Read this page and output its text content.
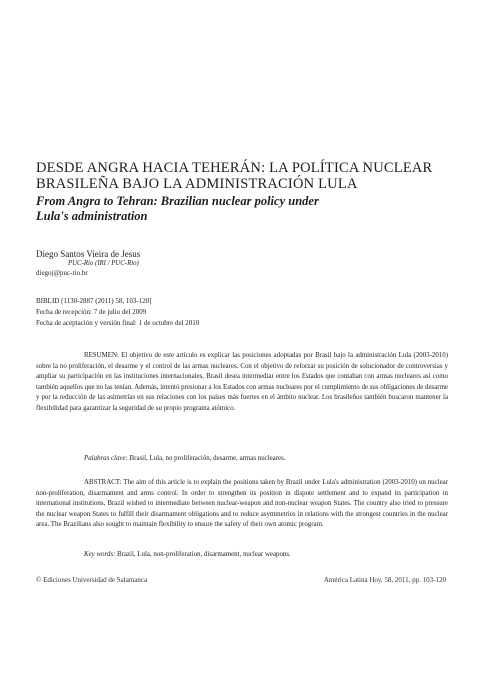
DESDE ANGRA HACIA TEHERÁN: LA POLÍTICA NUCLEAR BRASILEÑA BAJO LA ADMINISTRACIÓN LULA
From Angra to Tehran: Brazilian nuclear policy under
Lula's administration
Diego Santos Vieira de Jesus
PUC-Rio (IRI / PUC-Rio)
diegoj@puc-rio.br
BIBLID [1130-2887 (2011) 58, 103-120]
Fecha de recepción: 7 de julio del 2009
Fecha de aceptación y versión final: 1 de octubre del 2010

RESUMEN: El objetivo de este artículo es explicar las posiciones adoptadas por Brasil bajo la administración Lula (2003-2010) sobre la no proliferación, el desarme y el control de las armas nucleares. Con el objetivo de reforzar su posición de solucionador de controversias y ampliar su participación en las instituciones internacionales, Brasil desea intermediar entre los Estados que contaban con armas nucleares así como también aquellos que no las tenían. Además, intentó presionar a los Estados con armas nucleares por el cumplimiento de sus obligaciones de desarme y por la reducción de las asimetrías en sus relaciones con los países más fuertes en el ámbito nuclear. Los brasileños también buscaron mantener la flexibilidad para garantizar la seguridad de su propio programa atómico.

Palabras clave: Brasil, Lula, no proliferación, desarme, armas nucleares.

ABSTRACT: The aim of this article is to explain the positions taken by Brazil under Lula's administration (2003-2010) on nuclear non-proliferation, disarmament and arms control. In order to strengthen its position in dispute settlement and to expand its participation in international institutions, Brazil wished to intermediate between nuclear-weapon and non-nuclear weapon States. The country also tried to pressure the nuclear weapon States to fulfill their disarmament obligations and to reduce asymmetries in relations with the strongest countries in the nuclear area. The Brazilians also sought to maintain flexibility to ensure the safety of their own atomic program.

Key words: Brazil, Lula, non-proliferation, disarmament, nuclear weapons.

© Ediciones Universidad de Salamanca	América Latina Hoy, 58, 2011, pp. 103-120
